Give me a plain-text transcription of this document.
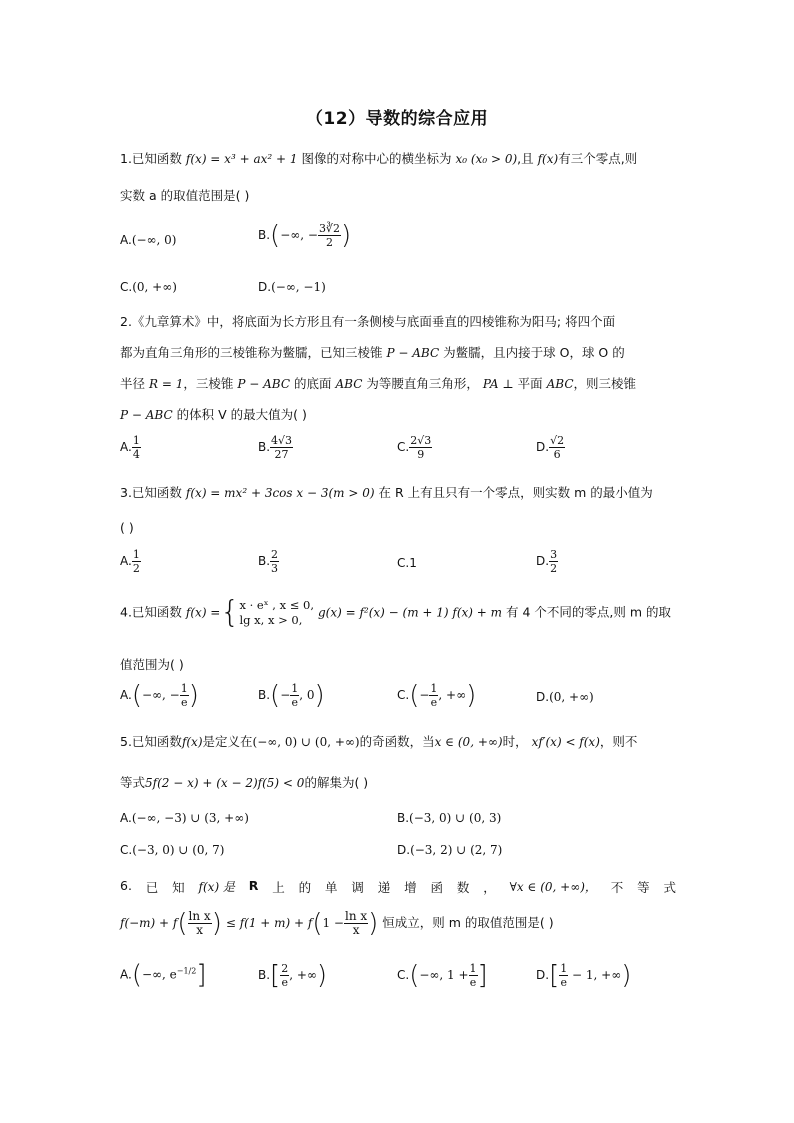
（12）导数的综合应用
1.已知函数 f(x) = x³ + ax² + 1 图像的对称中心的横坐标为 x₀ (x₀ > 0),且 f(x)有三个零点,则
实数 a 的取值范围是( )
A.(−∞, 0)	B.(−∞, − $\frac{3∛2}{2}$ )
C.(0, +∞)	D.(−∞, −1)
2.《九章算术》中，将底面为长方形且有一条侧棱与底面垂直的四棱锥称为阳马; 将四个面
都为直角三角形的三棱锥称为鳖臑，已知三棱锥 P − ABC 为鳖臑，且内接于球 O，球 O 的
半径 R = 1，三棱锥 P − ABC 的底面 ABC 为等腰直角三角形， PA ⊥ 平面 ABC，则三棱锥
P − ABC 的体积 V 的最大值为( )
A. $\frac{1}{4}$	B. $\frac{4√3}{27}$	C. $\frac{2√3}{9}$	D. $\frac{√2}{6}$
3.已知函数 f(x) = mx² + 3cos x − 3(m > 0) 在 R 上有且只有一个零点，则实数 m 的最小值为
( )
A. $\frac{1}{2}$	B. $\frac{2}{3}$	C.1	D. $\frac{3}{2}$
4.已知函数 f(x) ={ x · eˣ , x ≤ 0,
lg x, x > 0,
g(x) = f²(x) − (m + 1) f(x) + m 有 4 个不同的零点,则 m 的取
值范围为( )
A.(−∞, − $\frac{1}{e}$ )	$B.(- \frac{1}{e}$ , 0)	$C.(- \frac{1}{e}$ , +∞)	D.(0, +∞)
5.已知函数f(x)是定义在(−∞, 0) ∪ (0, +∞)的奇函数，当x ∈ (0, +∞)时， xf′(x) < f(x)，则不
等式5f(2 − x) + (x − 2)f(5) < 0的解集为( )
A.(−∞, −3) ∪ (3, +∞)	B.(−3, 0) ∪ (0, 3)
C.(−3, 0) ∪ (0, 7)	D.(−3, 2) ∪ (2, 7)
6. 已 知 f(x) 是 R 上 的 单 调 递 增 函 数 ， ∀x ∈ (0, +∞)， 不 等 式
$f(-m) + f( \frac{\text{ln x}}{x}$ ) ≤ $f(1 + m) + f(1 - \frac{\text{ln x}}{x}$ ) 恒成立，则 m 的取值范围是( )
A.(−∞, $e^{-1/2}$]	$B.[ \frac{2}{e}$ , +∞)	C.(−∞, $1 + \frac{1}{e}$ ]	$D.[ \frac{1}{e} - 1$, +∞)
